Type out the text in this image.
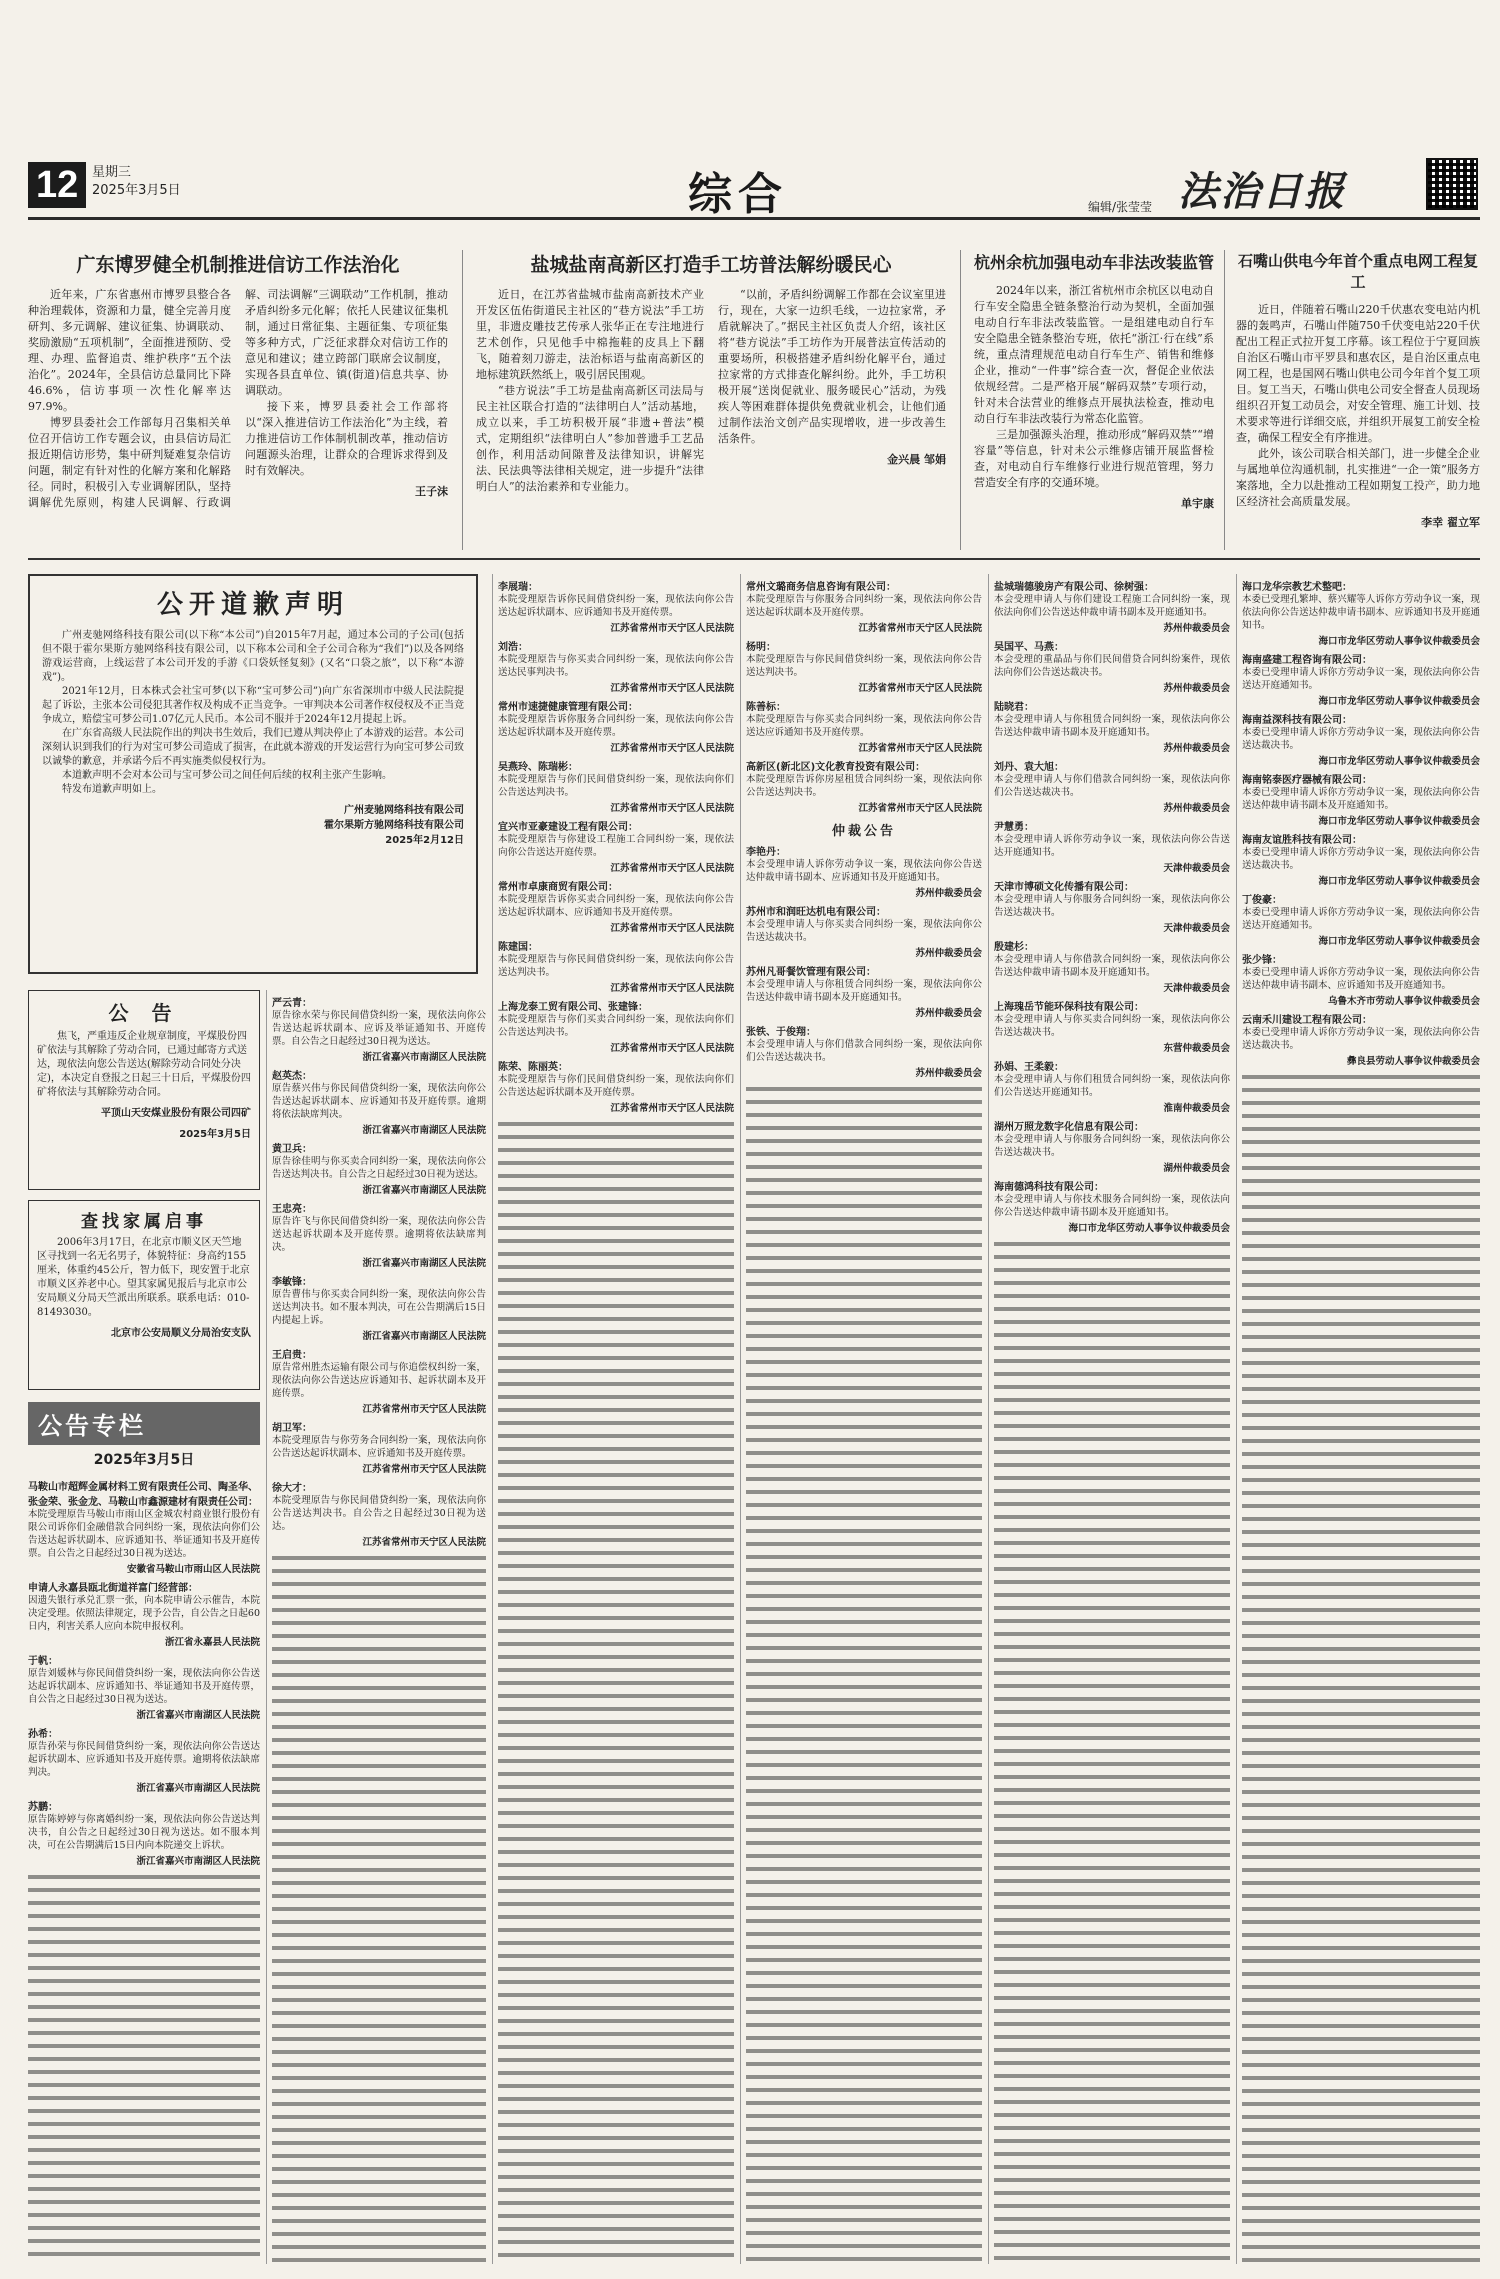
12	星期三
2025年3月5日	综合	编辑/张莹莹 法治日报
广东博罗健全机制推进信访工作法治化

近年来，广东省惠州市博罗县整合各种治理载体，资源和力量，健全完善月度研判、多元调解、建议征集、协调联动、奖励激励“五项机制”，全面推进预防、受理、办理、监督追责、维护秩序“五个法治化”。2024年，全县信访总量同比下降46.6%，信访事项一次性化解率达97.9%。

博罗县委社会工作部每月召集相关单位召开信访工作专题会议，由县信访局汇报近期信访形势，集中研判疑难复杂信访问题，制定有针对性的化解方案和化解路径。同时，积极引入专业调解团队，坚持调解优先原则，构建人民调解、行政调解、司法调解“三调联动”工作机制，推动矛盾纠纷多元化解；依托人民建议征集机制，通过日常征集、主题征集、专项征集等多种方式，广泛征求群众对信访工作的意见和建议；建立跨部门联席会议制度，实现各县直单位、镇(街道)信息共享、协调联动。

接下来，博罗县委社会工作部将以“深入推进信访工作法治化”为主线，着力推进信访工作体制机制改革，推动信访问题源头治理，让群众的合理诉求得到及时有效解决。

王子沫
盐城盐南高新区打造手工坊普法解纷暖民心

近日，在江苏省盐城市盐南高新技术产业开发区伍佑街道民主社区的“巷方说法”手工坊里，非遗皮雕技艺传承人张华正在专注地进行艺术创作，只见他手中棉拖鞋的皮具上下翻飞，随着刻刀游走，法治标语与盐南高新区的地标建筑跃然纸上，吸引居民围观。

“巷方说法”手工坊是盐南高新区司法局与民主社区联合打造的“法律明白人”活动基地，成立以来，手工坊积极开展“非遗+普法”模式，定期组织“法律明白人”参加普遗手工艺品创作，利用活动间隙普及法律知识，讲解宪法、民法典等法律相关规定，进一步提升“法律明白人”的法治素养和专业能力。

“以前，矛盾纠纷调解工作都在会议室里进行，现在，大家一边织毛线，一边拉家常，矛盾就解决了。”据民主社区负责人介绍，该社区将“巷方说法”手工坊作为开展普法宣传活动的重要场所，积极搭建矛盾纠纷化解平台，通过拉家常的方式排查化解纠纷。此外，手工坊积极开展“送岗促就业、服务暖民心”活动，为残疾人等困难群体提供免费就业机会，让他们通过制作法治文创产品实现增收，进一步改善生活条件。

金兴晨 邹娟
杭州余杭加强电动车非法改装监管

2024年以来，浙江省杭州市余杭区以电动自行车安全隐患全链条整治行动为契机，全面加强电动自行车非法改装监管。一是组建电动自行车安全隐患全链条整治专班，依托“浙江·行在线”系统，重点清理规范电动自行车生产、销售和维修企业，推动“一件事”综合查一次，督促企业依法依规经营。二是严格开展“解码双禁”专项行动，针对未合法营业的维修点开展执法检查，推动电动自行车非法改装行为常态化监管。

三是加强源头治理，推动形成“解码双禁”“增容量”等信息，针对未公示维修店铺开展监督检查，对电动自行车维修行业进行规范管理，努力营造安全有序的交通环境。

单宇康
石嘴山供电今年首个重点电网工程复工

近日，伴随着石嘴山220千伏惠农变电站内机器的轰鸣声，石嘴山伴随750千伏变电站220千伏配出工程正式拉开复工序幕。该工程位于宁夏回族自治区石嘴山市平罗县和惠农区，是自治区重点电网工程，也是国网石嘴山供电公司今年首个复工项目。复工当天，石嘴山供电公司安全督查人员现场组织召开复工动员会，对安全管理、施工计划、技术要求等进行详细交底，并组织开展复工前安全检查，确保工程安全有序推进。

此外，该公司联合相关部门，进一步健全企业与属地单位沟通机制，扎实推进“一企一策”服务方案落地，全力以赴推动工程如期复工投产，助力地区经济社会高质量发展。

李幸 翟立军
公开道歉声明

广州麦驰网络科技有限公司(以下称“本公司”)自2015年7月起，通过本公司的子公司(包括但不限于霍尔果斯方驰网络科技有限公司，以下称本公司和全子公司合称为“我们”)以及各网络游戏运营商，上线运营了本公司开发的手游《口袋妖怪复刻》(又名“口袋之旅”，以下称“本游戏”)。

2021年12月，日本株式会社宝可梦(以下称“宝可梦公司”)向广东省深圳市中级人民法院提起了诉讼，主张本公司侵犯其著作权及构成不正当竞争。一审判决本公司著作权侵权及不正当竞争成立，赔偿宝可梦公司1.07亿元人民币。本公司不服并于2024年12月提起上诉。

在广东省高级人民法院作出的判决书生效后，我们已遵从判决停止了本游戏的运营。本公司深刻认识到我们的行为对宝可梦公司造成了损害，在此就本游戏的开发运营行为向宝可梦公司致以诚挚的歉意，并承诺今后不再实施类似侵权行为。

本道歉声明不会对本公司与宝可梦公司之间任何后续的权利主张产生影响。

特发布道歉声明如上。

广州麦驰网络科技有限公司
霍尔果斯方驰网络科技有限公司
2025年2月12日
公 告

焦飞，严重违反企业规章制度，平煤股份四矿依法与其解除了劳动合同，已通过邮寄方式送达，现依法向您公告送达(解除劳动合同处分决定)，本决定自登报之日起三十日后，平煤股份四矿将依法与其解除劳动合同。

平顶山天安煤业股份有限公司四矿
2025年3月5日
查找家属启事

2006年3月17日，在北京市顺义区天竺地区寻找到一名无名男子，体貌特征：身高约155厘米，体重约45公斤，智力低下，现安置于北京市顺义区养老中心。望其家属见报后与北京市公安局顺义分局天竺派出所联系。联系电话：010-81493030。

北京市公安局顺义分局治安支队
公告专栏
2025年3月5日
马鞍山市超辉金属材料工贸有限责任公司、陶圣华、张金荣、张金龙、马鞍山市鑫源建材有限责任公司：
本院受理原告马鞍山市雨山区金城农村商业银行股份有限公司诉你们金融借款合同纠纷一案，现依法向你们公告送达起诉状副本、应诉通知书、举证通知书及开庭传票。自公告之日起经过30日视为送达。
安徽省马鞍山市雨山区人民法院
申请人永嘉县瓯北街道祥富门经营部：
因遗失银行承兑汇票一张，向本院申请公示催告，本院决定受理。依照法律规定，现予公告，自公告之日起60日内，利害关系人应向本院申报权利。
浙江省永嘉县人民法院
于帆：
原告刘媛林与你民间借贷纠纷一案，现依法向你公告送达起诉状副本、应诉通知书、举证通知书及开庭传票，自公告之日起经过30日视为送达。
浙江省嘉兴市南湖区人民法院
孙希：
原告孙荣与你民间借贷纠纷一案，现依法向你公告送达起诉状副本、应诉通知书及开庭传票。逾期将依法缺席判决。
浙江省嘉兴市南湖区人民法院
苏鹏：
原告陈婷婷与你离婚纠纷一案，现依法向你公告送达判决书，自公告之日起经过30日视为送达。如不服本判决，可在公告期满后15日内向本院递交上诉状。
浙江省嘉兴市南湖区人民法院
严云青：
原告徐水荣与你民间借贷纠纷一案，现依法向你公告送达起诉状副本、应诉及举证通知书、开庭传票。自公告之日起经过30日视为送达。
浙江省嘉兴市南湖区人民法院
赵英杰：
原告蔡兴伟与你民间借贷纠纷一案，现依法向你公告送达起诉状副本、应诉通知书及开庭传票。逾期将依法缺席判决。
浙江省嘉兴市南湖区人民法院
黄卫兵：
原告徐佳明与你买卖合同纠纷一案，现依法向你公告送达判决书。自公告之日起经过30日视为送达。
浙江省嘉兴市南湖区人民法院
王忠亮：
原告许飞与你民间借贷纠纷一案，现依法向你公告送达起诉状副本及开庭传票。逾期将依法缺席判决。
浙江省嘉兴市南湖区人民法院
李敏锋：
原告曹伟与你买卖合同纠纷一案，现依法向你公告送达判决书。如不服本判决，可在公告期满后15日内提起上诉。
浙江省嘉兴市南湖区人民法院
王启贵：
原告常州胜杰运输有限公司与你追偿权纠纷一案，现依法向你公告送达应诉通知书、起诉状副本及开庭传票。
江苏省常州市天宁区人民法院
胡卫军：
本院受理原告与你劳务合同纠纷一案，现依法向你公告送达起诉状副本、应诉通知书及开庭传票。
江苏省常州市天宁区人民法院
徐大才：
本院受理原告与你民间借贷纠纷一案，现依法向你公告送达判决书。自公告之日起经过30日视为送达。
江苏省常州市天宁区人民法院
李展瑞：
本院受理原告诉你民间借贷纠纷一案，现依法向你公告送达起诉状副本、应诉通知书及开庭传票。
江苏省常州市天宁区人民法院
刘浩：
本院受理原告与你买卖合同纠纷一案，现依法向你公告送达民事判决书。
江苏省常州市天宁区人民法院
常州市速捷健康管理有限公司：
本院受理原告诉你服务合同纠纷一案，现依法向你公告送达起诉状副本及开庭传票。
江苏省常州市天宁区人民法院
吴燕玲、陈瑞彬：
本院受理原告与你们民间借贷纠纷一案，现依法向你们公告送达判决书。
江苏省常州市天宁区人民法院
宜兴市亚豪建设工程有限公司：
本院受理原告与你建设工程施工合同纠纷一案，现依法向你公告送达开庭传票。
江苏省常州市天宁区人民法院
常州市卓康商贸有限公司：
本院受理原告诉你买卖合同纠纷一案，现依法向你公告送达起诉状副本、应诉通知书及开庭传票。
江苏省常州市天宁区人民法院
陈建国：
本院受理原告与你民间借贷纠纷一案，现依法向你公告送达判决书。
江苏省常州市天宁区人民法院
上海龙泰工贸有限公司、张建锋：
本院受理原告与你们买卖合同纠纷一案，现依法向你们公告送达判决书。
江苏省常州市天宁区人民法院
陈荣、陈丽英：
本院受理原告与你们民间借贷纠纷一案，现依法向你们公告送达起诉状副本及开庭传票。
江苏省常州市天宁区人民法院
常州文璐商务信息咨询有限公司：
本院受理原告与你服务合同纠纷一案，现依法向你公告送达起诉状副本及开庭传票。
江苏省常州市天宁区人民法院
杨明：
本院受理原告与你民间借贷纠纷一案，现依法向你公告送达判决书。
江苏省常州市天宁区人民法院
陈善标：
本院受理原告与你买卖合同纠纷一案，现依法向你公告送达应诉通知书及开庭传票。
江苏省常州市天宁区人民法院
高新区(新北区)文化教育投资有限公司：
本院受理原告诉你房屋租赁合同纠纷一案，现依法向你公告送达判决书。
江苏省常州市天宁区人民法院
仲裁公告
李艳丹：
本会受理申请人诉你劳动争议一案，现依法向你公告送达仲裁申请书副本、应诉通知书及开庭通知书。
苏州仲裁委员会
苏州市和润旺达机电有限公司：
本会受理申请人与你买卖合同纠纷一案，现依法向你公告送达裁决书。
苏州仲裁委员会
苏州凡哥餐饮管理有限公司：
本会受理申请人与你租赁合同纠纷一案，现依法向你公告送达仲裁申请书副本及开庭通知书。
苏州仲裁委员会
张铁、于俊翔：
本会受理申请人与你们借款合同纠纷一案，现依法向你们公告送达裁决书。
苏州仲裁委员会
盐城瑞德骏房产有限公司、徐树强：
本会受理申请人与你们建设工程施工合同纠纷一案，现依法向你们公告送达仲裁申请书副本及开庭通知书。
苏州仲裁委员会
吴国平、马燕：
本会受理的重晶品与你们民间借贷合同纠纷案件，现依法向你们公告送达裁决书。
苏州仲裁委员会
陆晓君：
本会受理申请人与你租赁合同纠纷一案，现依法向你公告送达仲裁申请书副本及开庭通知书。
苏州仲裁委员会
刘丹、袁大旭：
本会受理申请人与你们借款合同纠纷一案，现依法向你们公告送达裁决书。
苏州仲裁委员会
尹慧勇：
本会受理申请人诉你劳动争议一案，现依法向你公告送达开庭通知书。
天津仲裁委员会
天津市博硕文化传播有限公司：
本会受理申请人与你服务合同纠纷一案，现依法向你公告送达裁决书。
天津仲裁委员会
殷建杉：
本会受理申请人与你借款合同纠纷一案，现依法向你公告送达仲裁申请书副本及开庭通知书。
天津仲裁委员会
上海瑰岳节能环保科技有限公司：
本会受理申请人与你买卖合同纠纷一案，现依法向你公告送达裁决书。
东营仲裁委员会
孙娟、王柔毅：
本会受理申请人与你们租赁合同纠纷一案，现依法向你们公告送达开庭通知书。
淮南仲裁委员会
湖州万照龙数字化信息有限公司：
本会受理申请人与你服务合同纠纷一案，现依法向你公告送达裁决书。
湖州仲裁委员会
海南德鸿科技有限公司：
本会受理申请人与你技术服务合同纠纷一案，现依法向你公告送达仲裁申请书副本及开庭通知书。
海口市龙华区劳动人事争议仲裁委员会
海口龙华宗教艺术整吧：
本委已受理孔繁坤、蔡兴耀等人诉你方劳动争议一案，现依法向你公告送达仲裁申请书副本、应诉通知书及开庭通知书。
海口市龙华区劳动人事争议仲裁委员会
海南盛建工程咨询有限公司：
本委已受理申请人诉你方劳动争议一案，现依法向你公告送达开庭通知书。
海口市龙华区劳动人事争议仲裁委员会
海南益深科技有限公司：
本委已受理申请人诉你方劳动争议一案，现依法向你公告送达裁决书。
海口市龙华区劳动人事争议仲裁委员会
海南铭泰医疗器械有限公司：
本委已受理申请人诉你方劳动争议一案，现依法向你公告送达仲裁申请书副本及开庭通知书。
海口市龙华区劳动人事争议仲裁委员会
海南友谊胜科技有限公司：
本委已受理申请人诉你方劳动争议一案，现依法向你公告送达裁决书。
海口市龙华区劳动人事争议仲裁委员会
丁俊豪：
本委已受理申请人诉你方劳动争议一案，现依法向你公告送达开庭通知书。
海口市龙华区劳动人事争议仲裁委员会
张少锋：
本委已受理申请人诉你方劳动争议一案，现依法向你公告送达仲裁申请书副本、应诉通知书及开庭通知书。
乌鲁木齐市劳动人事争议仲裁委员会
云南禾川建设工程有限公司：
本委已受理申请人诉你方劳动争议一案，现依法向你公告送达裁决书。
彝良县劳动人事争议仲裁委员会
